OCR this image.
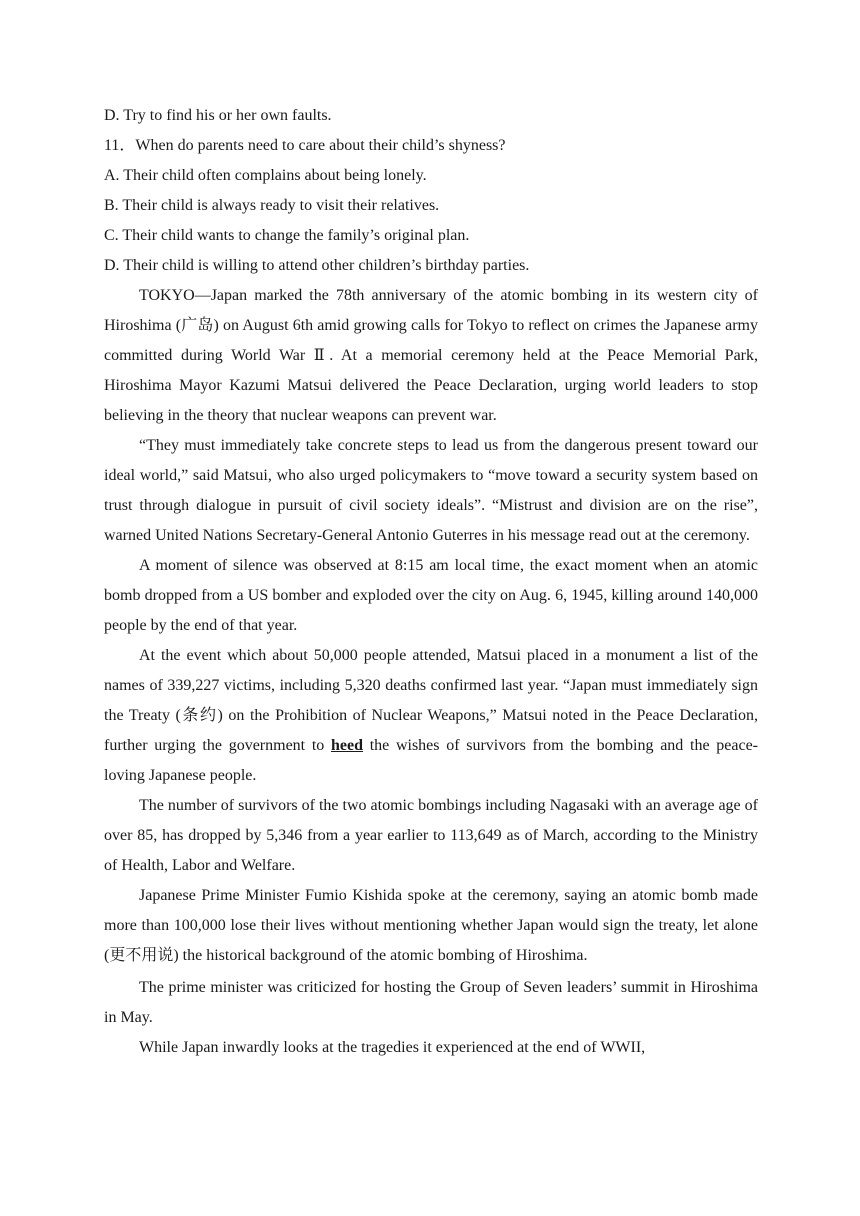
D. Try to find his or her own faults.

11．When do parents need to care about their child’s shyness?

A. Their child often complains about being lonely.

B. Their child is always ready to visit their relatives.

C. Their child wants to change the family’s original plan.

D. Their child is willing to attend other children’s birthday parties.

TOKYO—Japan marked the 78th anniversary of the atomic bombing in its western city of Hiroshima (广岛) on August 6th amid growing calls for Tokyo to reflect on crimes the Japanese army committed during World War Ⅱ. At a memorial ceremony held at the Peace Memorial Park, Hiroshima Mayor Kazumi Matsui delivered the Peace Declaration, urging world leaders to stop believing in the theory that nuclear weapons can prevent war.

“They must immediately take concrete steps to lead us from the dangerous present toward our ideal world,” said Matsui, who also urged policymakers to “move toward a security system based on trust through dialogue in pursuit of civil society ideals”. “Mistrust and division are on the rise”, warned United Nations Secretary-General Antonio Guterres in his message read out at the ceremony.

A moment of silence was observed at 8:15 am local time, the exact moment when an atomic bomb dropped from a US bomber and exploded over the city on Aug. 6, 1945, killing around 140,000 people by the end of that year.

At the event which about 50,000 people attended, Matsui placed in a monument a list of the names of 339,227 victims, including 5,320 deaths confirmed last year. “Japan must immediately sign the Treaty (条约) on the Prohibition of Nuclear Weapons,” Matsui noted in the Peace Declaration, further urging the government to heed the wishes of survivors from the bombing and the peace-loving Japanese people.

The number of survivors of the two atomic bombings including Nagasaki with an average age of over 85, has dropped by 5,346 from a year earlier to 113,649 as of March, according to the Ministry of Health, Labor and Welfare.

Japanese Prime Minister Fumio Kishida spoke at the ceremony, saying an atomic bomb made more than 100,000 lose their lives without mentioning whether Japan would sign the treaty, let alone (更不用说) the historical background of the atomic bombing of Hiroshima.

The prime minister was criticized for hosting the Group of Seven leaders’ summit in Hiroshima in May.

While Japan inwardly looks at the tragedies it experienced at the end of WWII,
